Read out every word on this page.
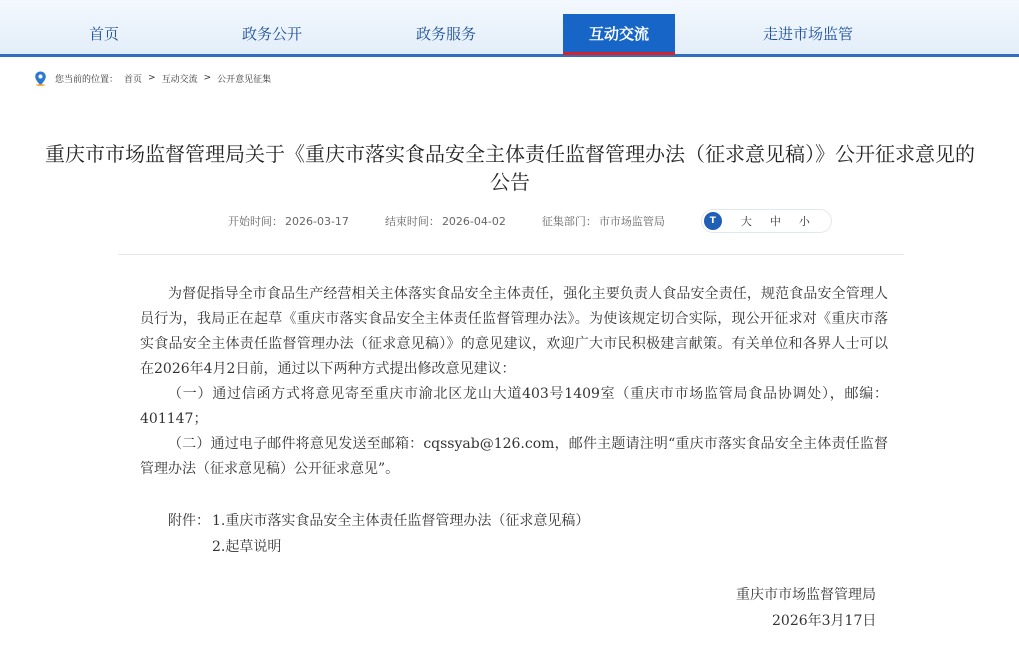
首页	政务公开	政务服务	互动交流	走进市场监管
您当前的位置： 首页 > 互动交流 > 公开意见征集
重庆市市场监督管理局关于《重庆市落实食品安全主体责任监督管理办法（征求意见稿）》公开征求意见的公告
开始时间： 2026-03-17	结束时间： 2026-04-02	征集部门： 市市场监管局	T	大 中 小

为督促指导全市食品生产经营相关主体落实食品安全主体责任，强化主要负责人食品安全责任，规范食品安全管理人员行为，我局正在起草《重庆市落实食品安全主体责任监督管理办法》。为使该规定切合实际，现公开征求对《重庆市落实食品安全主体责任监督管理办法（征求意见稿）》的意见建议，欢迎广大市民积极建言献策。有关单位和各界人士可以在2026年4月2日前，通过以下两种方式提出修改意见建议：

（一）通过信函方式将意见寄至重庆市渝北区龙山大道403号1409室（重庆市市场监管局食品协调处），邮编：401147；

（二）通过电子邮件将意见发送至邮箱：cqssyab@126.com，邮件主题请注明“重庆市落实食品安全主体责任监督管理办法（征求意见稿）公开征求意见”。

附件： 1.重庆市落实食品安全主体责任监督管理办法（征求意见稿）
2.起草说明
重庆市市场监督管理局
2026年3月17日
